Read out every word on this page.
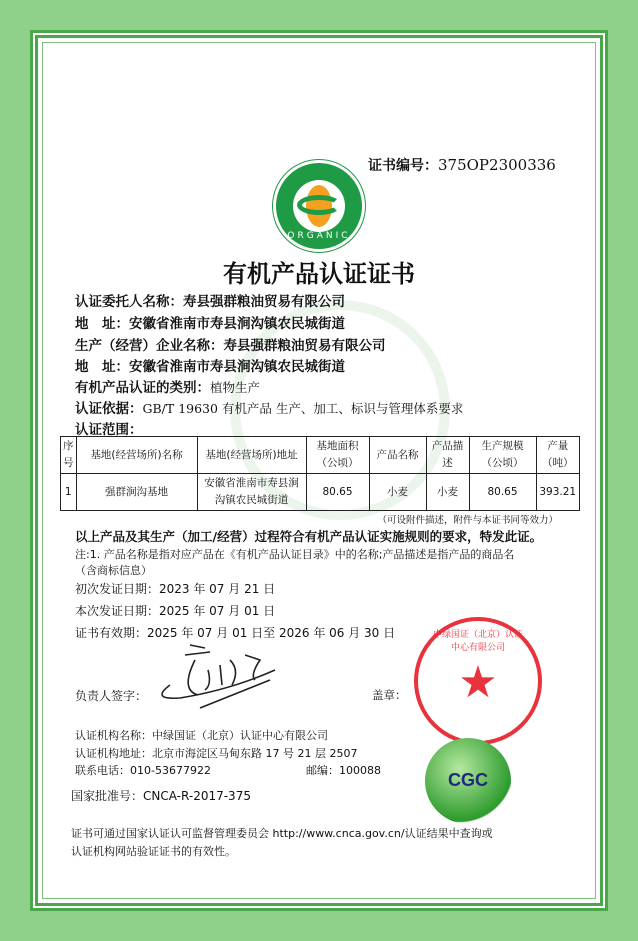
证书编号：375OP2300336
ORGANIC
有机产品认证证书
认证委托人名称：寿县强群粮油贸易有限公司
地　址：安徽省淮南市寿县涧沟镇农民城街道
生产（经营）企业名称：寿县强群粮油贸易有限公司
地　址：安徽省淮南市寿县涧沟镇农民城街道
有机产品认证的类别：植物生产
认证依据：GB/T 19630 有机产品 生产、加工、标识与管理体系要求
认证范围：
序号	基地(经营场所)名称	基地(经营场所)地址	基地面积（公顷）	产品名称	产品描述	生产规模（公顷）	产量（吨）
1	强群涧沟基地	安徽省淮南市寿县涧沟镇农民城街道	80.65	小麦	小麦	80.65	393.21
（可设附件描述，附件与本证书同等效力）
以上产品及其生产（加工/经营）过程符合有机产品认证实施规则的要求，特发此证。
注:1. 产品名称是指对应产品在《有机产品认证目录》中的名称;产品描述是指产品的商品名
（含商标信息）
初次发证日期：2023 年 07 月 21 日
本次发证日期：2025 年 07 月 01 日
证书有效期：2025 年 07 月 01 日至 2026 年 06 月 30 日
负责人签字：	盖章：
中绿国证（北京）认证中心有限公司
★
CGC
认证机构名称：中绿国证（北京）认证中心有限公司
认证机构地址：北京市海淀区马甸东路 17 号 21 层 2507
联系电话：010-53677922	邮编：100088
国家批准号：CNCA-R-2017-375
证书可通过国家认证认可监督管理委员会 http://www.cnca.gov.cn/认证结果中查询或
认证机构网站验证证书的有效性。
